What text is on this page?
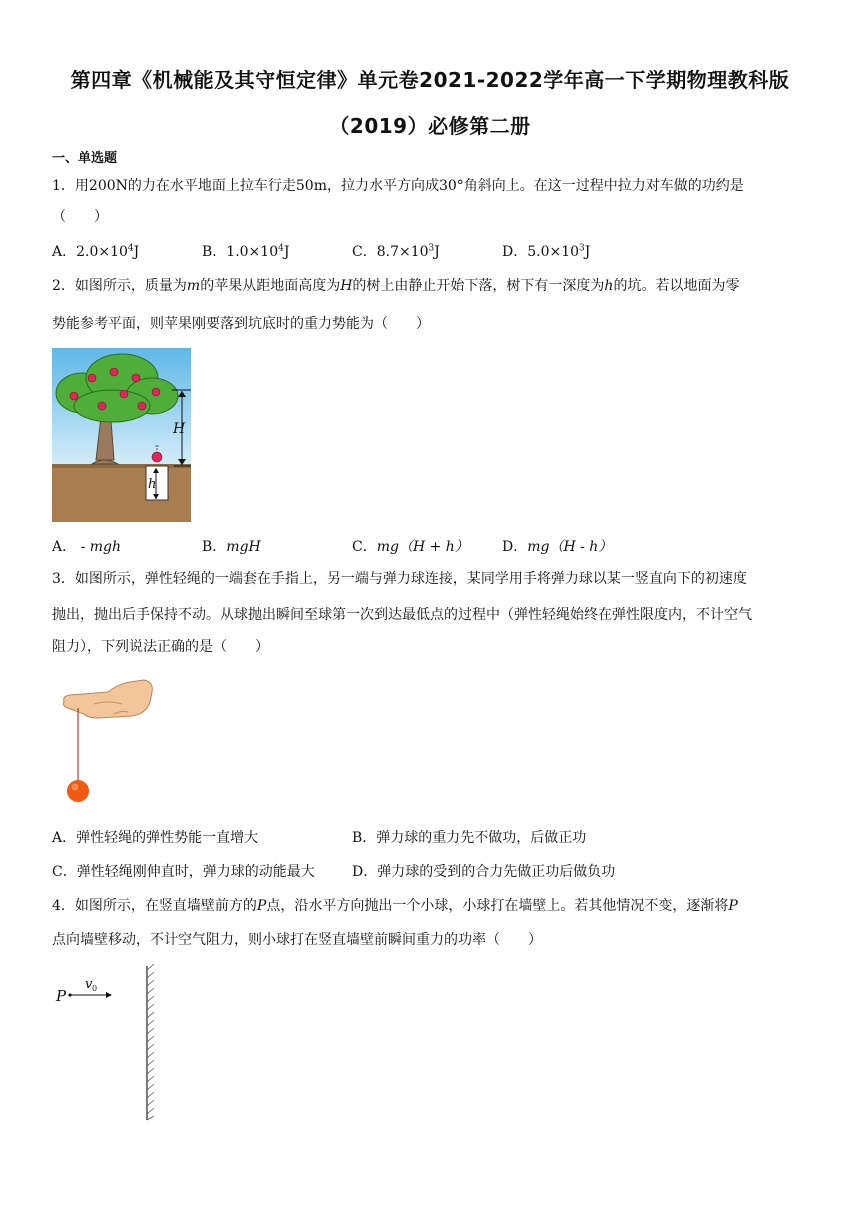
第四章《机械能及其守恒定律》单元卷2021-2022学年高一下学期物理教科版
（2019）必修第二册
一、单选题
1．用200N的力在水平地面上拉车行走50m，拉力水平方向成30°角斜向上。在这一过程中拉力对车做的功约是
（　　）
A．$2.0\times 10^4J$	B．$1.0\times 10^4J$	C．$8.7\times 10^3J$	D．$5.0\times 10^3J$
2．如图所示，质量为m的苹果从距地面高度为H的树上由静止开始下落，树下有一深度为h的坑。若以地面为零
势能参考平面，则苹果刚要落到坑底时的重力势能为（　　）
H
h
A． - mgh	B．mgH	C．mg（H + h） D．mg（H - h）
3．如图所示，弹性轻绳的一端套在手指上，另一端与弹力球连接，某同学用手将弹力球以某一竖直向下的初速度
抛出，抛出后手保持不动。从球抛出瞬间至球第一次到达最低点的过程中（弹性轻绳始终在弹性限度内，不计空气
阻力），下列说法正确的是（　　）
A．弹性轻绳的弹性势能一直增大	B．弹力球的重力先不做功，后做正功
C．弹性轻绳刚伸直时，弹力球的动能最大	D．弹力球的受到的合力先做正功后做负功
4．如图所示，在竖直墙壁前方的P点，沿水平方向抛出一个小球，小球打在墙壁上。若其他情况不变，逐渐将P
点向墙壁移动，不计空气阻力，则小球打在竖直墙壁前瞬间重力的功率（　　）
P
v 0
